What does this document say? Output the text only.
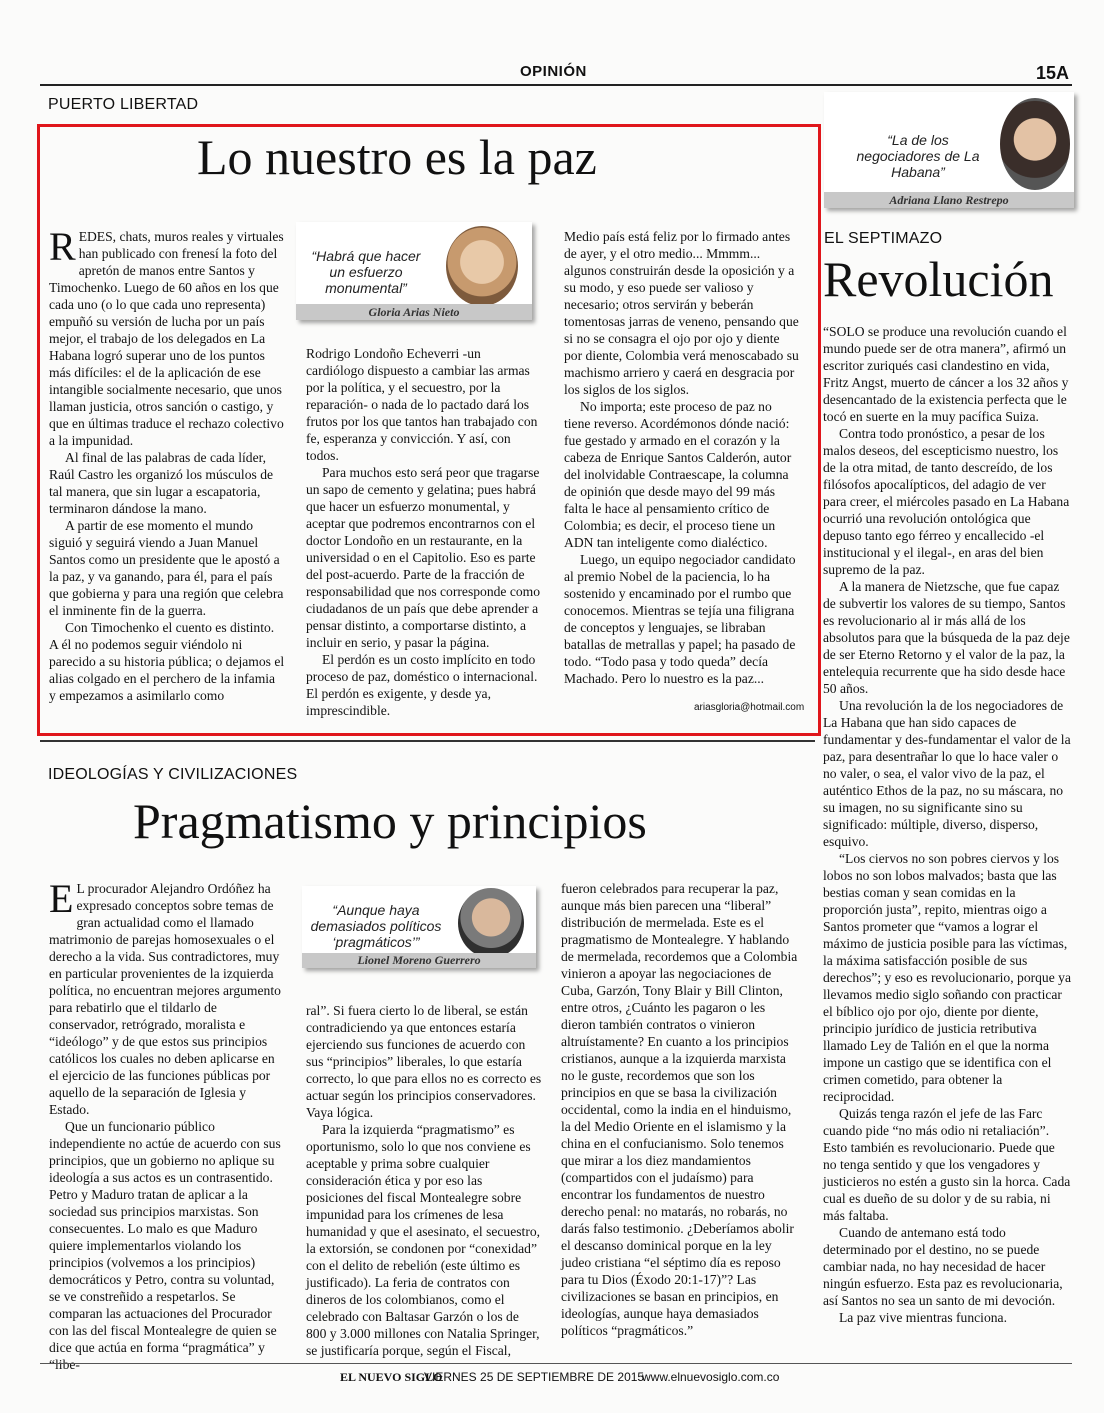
OPINIÓN	15A
PUERTO LIBERTAD
Lo nuestro es la paz

REDES, chats, muros reales y virtuales han publicado con frenesí la foto del apretón de manos entre Santos y Timochenko. Luego de 60 años en los que cada uno (o lo que cada uno representa) empuñó su versión de lucha por un país mejor, el trabajo de los delegados en La Habana logró superar uno de los puntos más difíciles: el de la aplicación de ese intangible socialmente necesario, que unos llaman justicia, otros sanción o castigo, y que en últimas traduce el rechazo colectivo a la impunidad.

Al final de las palabras de cada líder, Raúl Castro les organizó los músculos de tal manera, que sin lugar a escapatoria, terminaron dándose la mano.

A partir de ese momento el mundo siguió y seguirá viendo a Juan Manuel Santos como un presidente que le apostó a la paz, y va ganando, para él, para el país que gobierna y para una región que celebra el inminente fin de la guerra.

Con Timochenko el cuento es distinto. A él no podemos seguir viéndolo ni parecido a su historia pública; o dejamos el alias colgado en el perchero de la infamia y empezamos a asimilarlo como

“Habrá que hacer un esfuerzo monumental”
Gloria Arias Nieto

Rodrigo Londoño Echeverri -un cardiólogo dispuesto a cambiar las armas por la política, y el secuestro, por la reparación- o nada de lo pactado dará los frutos por los que tantos han trabajado con fe, esperanza y convicción. Y así, con todos.

Para muchos esto será peor que tragarse un sapo de cemento y gelatina; pues habrá que hacer un esfuerzo monumental, y aceptar que podremos encontrarnos con el doctor Londoño en un restaurante, en la universidad o en el Capitolio. Eso es parte del post-acuerdo. Parte de la fracción de responsabilidad que nos corresponde como ciudadanos de un país que debe aprender a pensar distinto, a comportarse distinto, a incluir en serio, y pasar la página.

El perdón es un costo implícito en todo proceso de paz, doméstico o internacional. El perdón es exigente, y desde ya, imprescindible.

Medio país está feliz por lo firmado antes de ayer, y el otro medio... Mmmm... algunos construirán desde la oposición y a su modo, y eso puede ser valioso y necesario; otros servirán y beberán tomentosas jarras de veneno, pensando que si no se consagra el ojo por ojo y diente por diente, Colombia verá menoscabado su machismo arriero y caerá en desgracia por los siglos de los siglos.

No importa; este proceso de paz no tiene reverso. Acordémonos dónde nació: fue gestado y armado en el corazón y la cabeza de Enrique Santos Calderón, autor del inolvidable Contraescape, la columna de opinión que desde mayo del 99 más falta le hace al pensamiento crítico de Colombia; es decir, el proceso tiene un ADN tan inteligente como dialéctico.

Luego, un equipo negociador candidato al premio Nobel de la paciencia, lo ha sostenido y encaminado por el rumbo que conocemos. Mientras se tejía una filigrana de conceptos y lenguajes, se libraban batallas de metrallas y papel; ha pasado de todo. “Todo pasa y todo queda” decía Machado. Pero lo nuestro es la paz...

ariasgloria@hotmail.com
“La de los negociadores de La Habana”
Adriana Llano Restrepo
EL SEPTIMAZO
Revolución

“SOLO se produce una revolución cuando el mundo puede ser de otra manera”, afirmó un escritor zuriqués casi clandestino en vida, Fritz Angst, muerto de cáncer a los 32 años y desencantado de la existencia perfecta que le tocó en suerte en la muy pacífica Suiza.

Contra todo pronóstico, a pesar de los malos deseos, del escepticismo nuestro, los de la otra mitad, de tanto descreído, de los filósofos apocalípticos, del adagio de ver para creer, el miércoles pasado en La Habana ocurrió una revolución ontológica que depuso tanto ego férreo y encallecido -el institucional y el ilegal-, en aras del bien supremo de la paz.

A la manera de Nietzsche, que fue capaz de subvertir los valores de su tiempo, Santos es revolucionario al ir más allá de los absolutos para que la búsqueda de la paz deje de ser Eterno Retorno y el valor de la paz, la entelequia recurrente que ha sido desde hace 50 años.

Una revolución la de los negociadores de La Habana que han sido capaces de fundamentar y des-fundamentar el valor de la paz, para desentrañar lo que lo hace valer o no valer, o sea, el valor vivo de la paz, el auténtico Ethos de la paz, no su máscara, no su imagen, no su significante sino su significado: múltiple, diverso, disperso, esquivo.

“Los ciervos no son pobres ciervos y los lobos no son lobos malvados; basta que las bestias coman y sean comidas en la proporción justa”, repito, mientras oigo a Santos prometer que “vamos a lograr el máximo de justicia posible para las víctimas, la máxima satisfacción posible de sus derechos”; y eso es revolucionario, porque ya llevamos medio siglo soñando con practicar el bíblico ojo por ojo, diente por diente, principio jurídico de justicia retributiva llamado Ley de Talión en el que la norma impone un castigo que se identifica con el crimen cometido, para obtener la reciprocidad.

Quizás tenga razón el jefe de las Farc cuando pide “no más odio ni retaliación”. Esto también es revolucionario. Puede que no tenga sentido y que los vengadores y justicieros no estén a gusto sin la horca. Cada cual es dueño de su dolor y de su rabia, ni más faltaba.

Cuando de antemano está todo determinado por el destino, no se puede cambiar nada, no hay necesidad de hacer ningún esfuerzo. Esta paz es revolucionaria, así Santos no sea un santo de mi devoción.

La paz vive mientras funciona.

IDEOLOGÍAS Y CIVILIZACIONES
Pragmatismo y principios

E L procurador Alejandro Ordóñez ha expresado conceptos sobre temas de gran actualidad como el llamado matrimonio de parejas homosexuales o el derecho a la vida. Sus contradictores, muy en particular provenientes de la izquierda política, no encuentran mejores argumento para rebatirlo que el tildarlo de conservador, retrógrado, moralista e “ideólogo” y de que estos sus principios católicos los cuales no deben aplicarse en el ejercicio de las funciones públicas por aquello de la separación de Iglesia y Estado.

Que un funcionario público independiente no actúe de acuerdo con sus principios, que un gobierno no aplique su ideología a sus actos es un contrasentido. Petro y Maduro tratan de aplicar a la sociedad sus principios marxistas. Son consecuentes. Lo malo es que Maduro quiere implementarlos violando los principios (volvemos a los principios) democráticos y Petro, contra su voluntad, se ve constreñido a respetarlos. Se comparan las actuaciones del Procurador con las del fiscal Montealegre de quien se dice que actúa en forma “pragmática” y “libe-

“Aunque haya demasiados políticos ‘pragmáticos’”
Lionel Moreno Guerrero

ral”. Si fuera cierto lo de liberal, se están contradiciendo ya que entonces estaría ejerciendo sus funciones de acuerdo con sus “principios” liberales, lo que estaría correcto, lo que para ellos no es correcto es actuar según los principios conservadores. Vaya lógica.

Para la izquierda “pragmatismo” es oportunismo, solo lo que nos conviene es aceptable y prima sobre cualquier consideración ética y por eso las posiciones del fiscal Montealegre sobre impunidad para los crímenes de lesa humanidad y que el asesinato, el secuestro, la extorsión, se condonen por “conexidad” con el delito de rebelión (este último es justificado). La feria de contratos con dineros de los colombianos, como el celebrado con Baltasar Garzón o los de 800 y 3.000 millones con Natalia Springer, se justificaría porque, según el Fiscal,

fueron celebrados para recuperar la paz, aunque más bien parecen una “liberal” distribución de mermelada. Este es el pragmatismo de Montealegre. Y hablando de mermelada, recordemos que a Colombia vinieron a apoyar las negociaciones de Cuba, Garzón, Tony Blair y Bill Clinton, entre otros, ¿Cuánto les pagaron o les dieron también contratos o vinieron altruístamente? En cuanto a los principios cristianos, aunque a la izquierda marxista no le guste, recordemos que son los principios en que se basa la civilización occidental, como la india en el hinduismo, la del Medio Oriente en el islamismo y la china en el confucianismo. Solo tenemos que mirar a los diez mandamientos (compartidos con el judaísmo) para encontrar los fundamentos de nuestro derecho penal: no matarás, no robarás, no darás falso testimonio. ¿Deberíamos abolir el descanso dominical porque en la ley judeo cristiana “el séptimo día es reposo para tu Dios (Éxodo 20:1-17)”? Las civilizaciones se basan en principios, en ideologías, aunque haya demasiados políticos “pragmáticos.”

EL NUEVO SIGLO
VIERNES 25 DE SEPTIEMBRE DE 2015
www.elnuevosiglo.com.co
